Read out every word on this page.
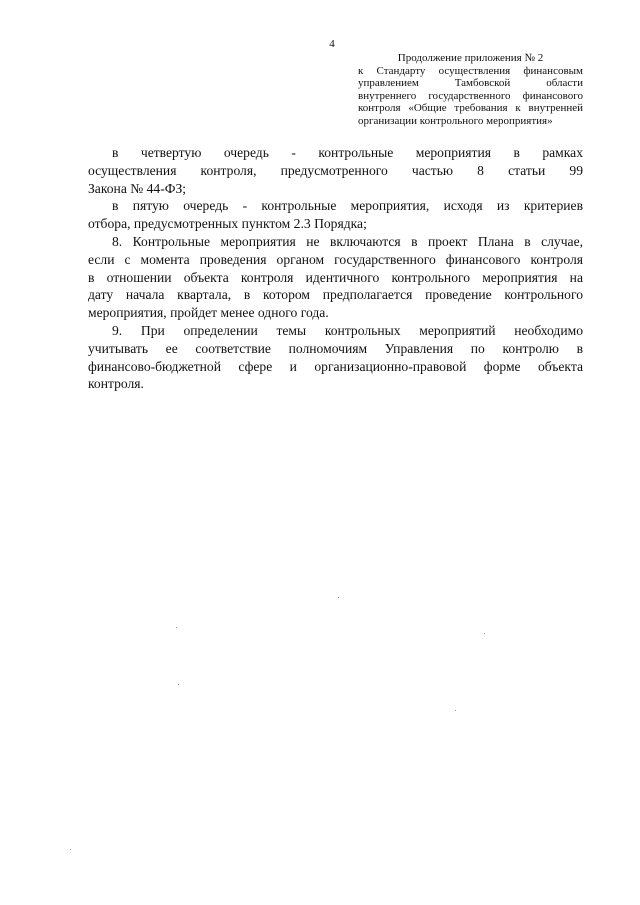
4
Продолжение приложения № 2
к Стандарту осуществления финансовым
управлением Тамбовской области
внутреннего государственного финансового
контроля «Общие требования к внутренней
организации контрольного мероприятия»
в четвертую очередь - контрольные мероприятия в рамках
осуществления контроля, предусмотренного частью 8 статьи 99
Закона № 44-ФЗ;
в пятую очередь - контрольные мероприятия, исходя из критериев
отбора, предусмотренных пунктом 2.3 Порядка;
8. Контрольные мероприятия не включаются в проект Плана в случае,
если с момента проведения органом государственного финансового контроля
в отношении объекта контроля идентичного контрольного мероприятия на
дату начала квартала, в котором предполагается проведение контрольного
мероприятия, пройдет менее одного года.
9. При определении темы контрольных мероприятий необходимо
учитывать ее соответствие полномочиям Управления по контролю в
финансово-бюджетной сфере и организационно-правовой форме объекта
контроля.
